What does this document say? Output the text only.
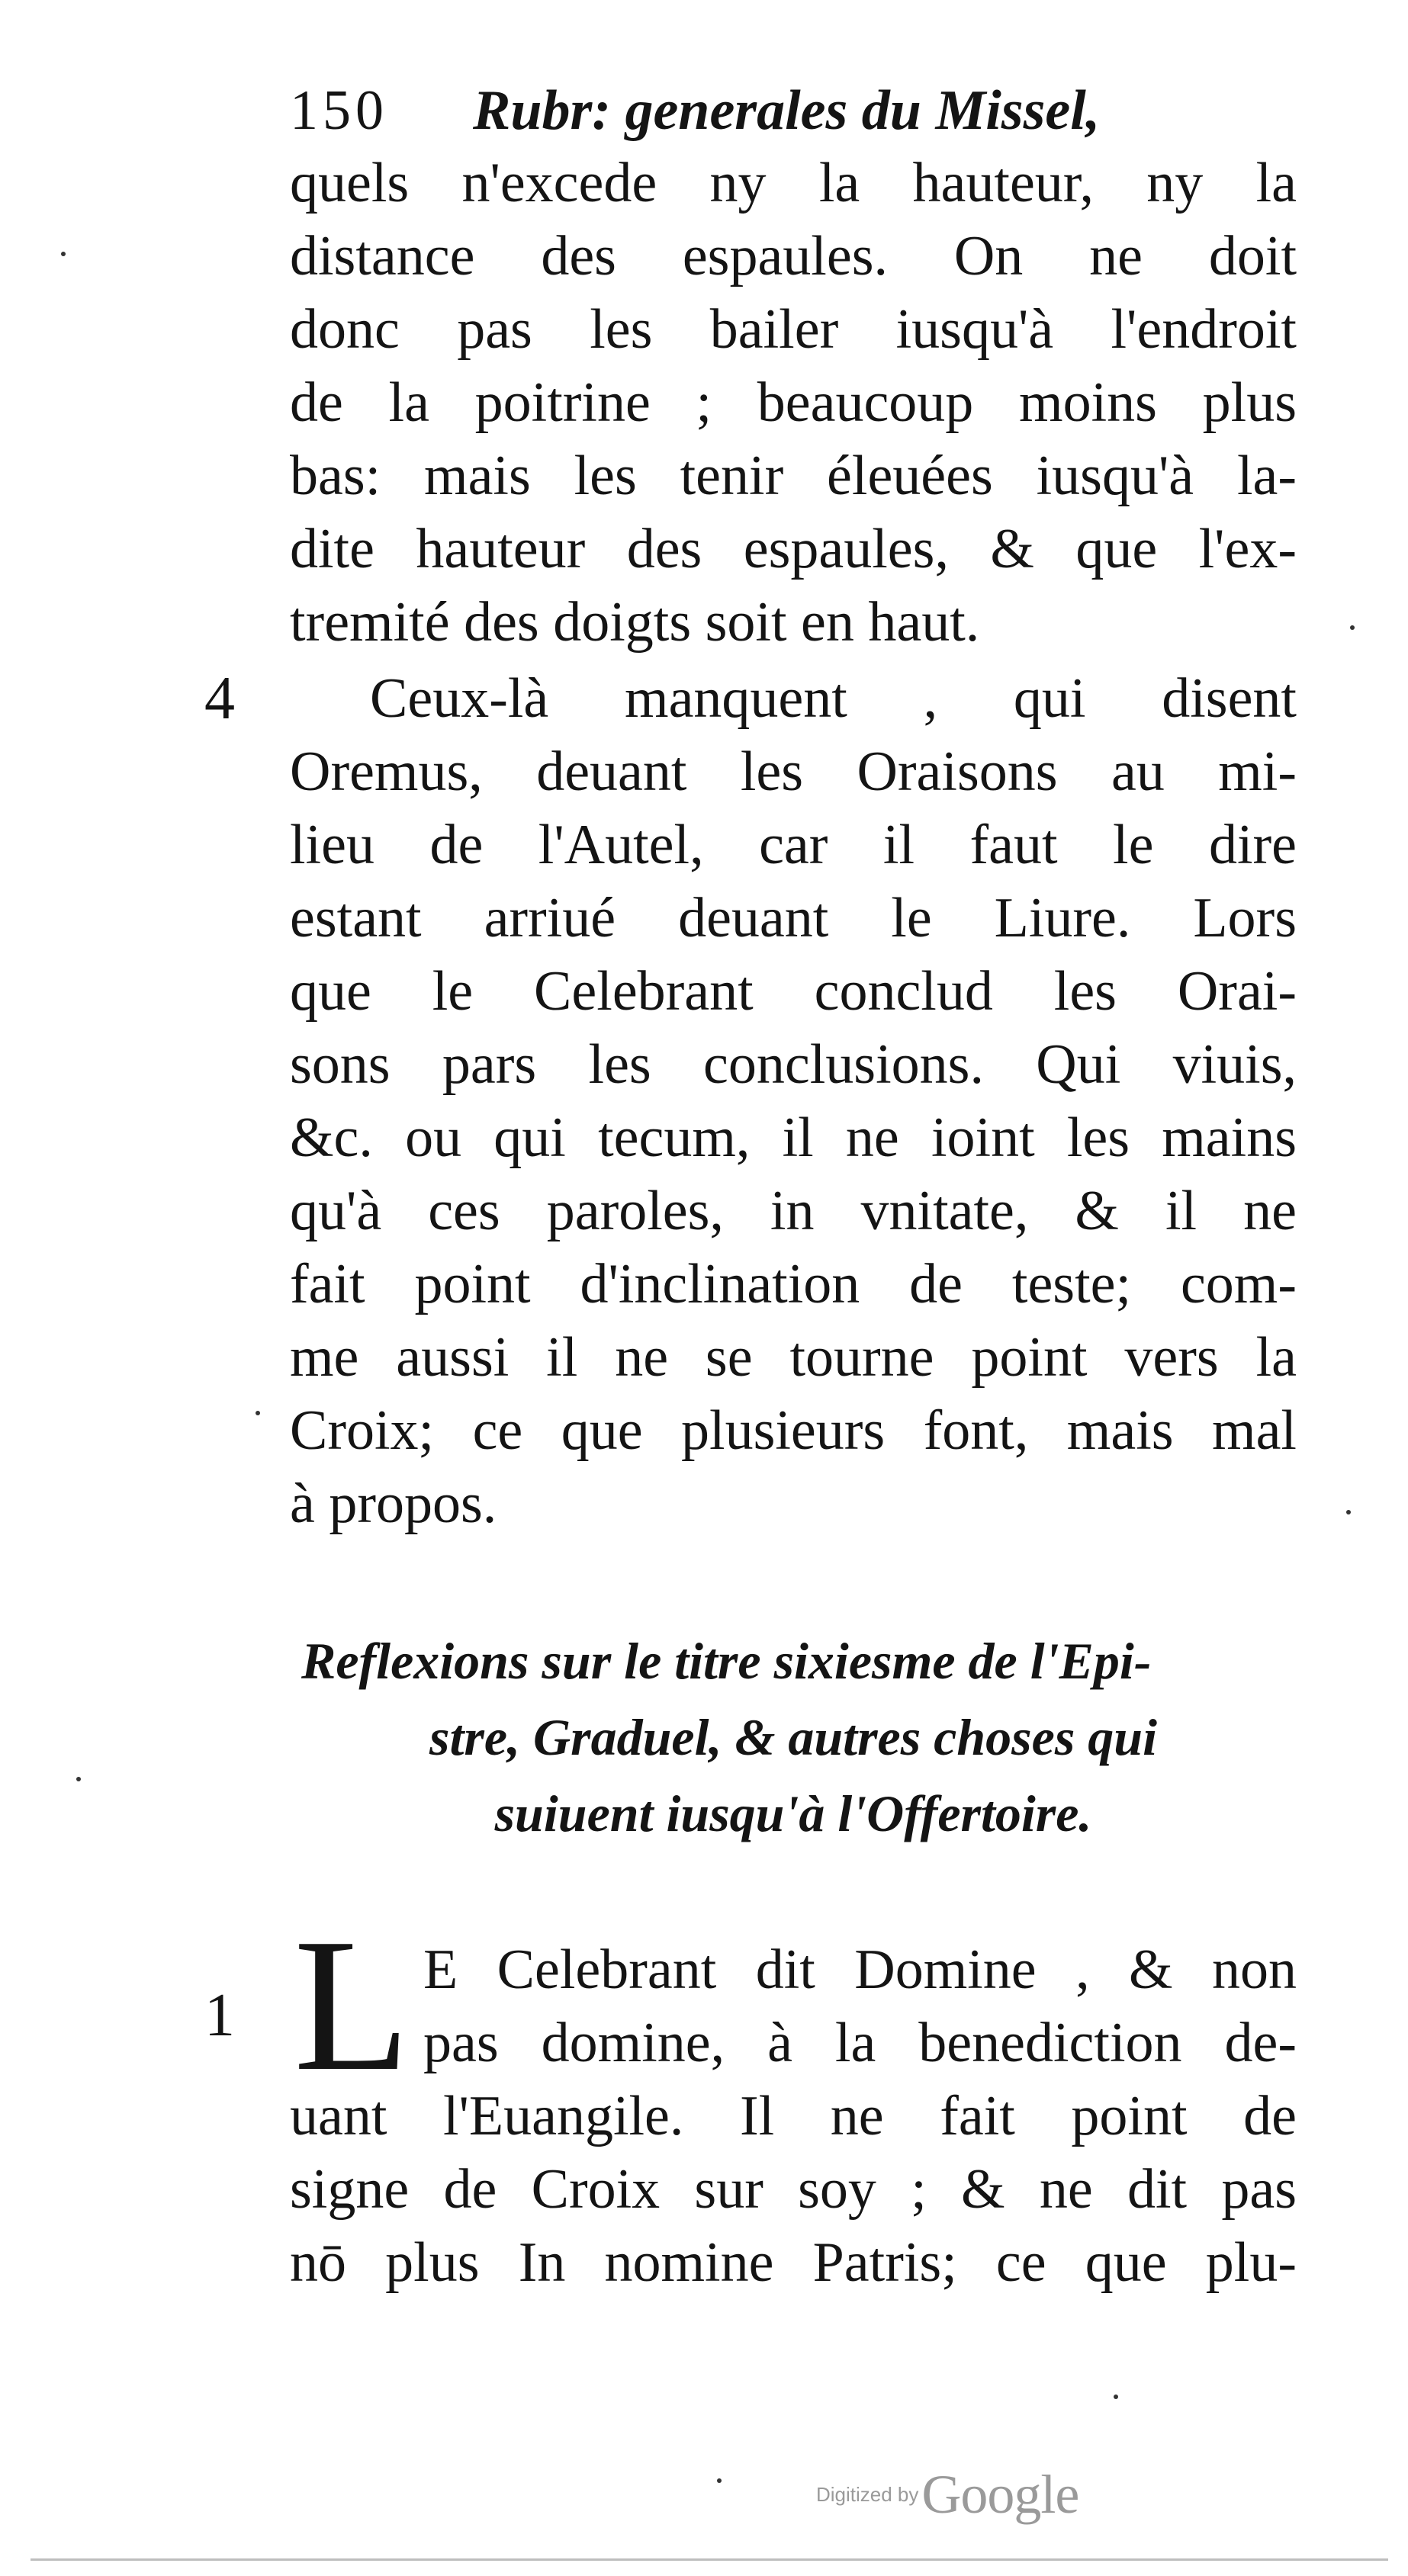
150 Rubr: generales du Missel,
quels n'excede ny la hauteur, ny la
distance des espaules. On ne doit
donc pas les bailer iusqu'à l'endroit
de la poitrine ; beaucoup moins plus
bas: mais les tenir éleuées iusqu'à la-
dite hauteur des espaules, & que l'ex-
tremité des doigts soit en haut.
4 Ceux-là manquent , qui disent
Oremus, deuant les Oraisons au mi-
lieu de l'Autel, car il faut le dire
estant arriué deuant le Liure. Lors
que le Celebrant conclud les Orai-
sons pars les conclusions. Qui viuis,
&c. ou qui tecum, il ne ioint les mains
qu'à ces paroles, in vnitate, & il ne
fait point d'inclination de teste; com-
me aussi il ne se tourne point vers la
Croix; ce que plusieurs font, mais mal
à propos.
Reflexions sur le titre sixiesme de l'Epi-
stre, Graduel, & autres choses qui
suiuent iusqu'à l'Offertoire.
1 L E Celebrant dit Domine , & non
pas domine, à la benediction de-
uant l'Euangile. Il ne fait point de
signe de Croix sur soy ; & ne dit pas
nō plus In nomine Patris; ce que plu-
Digitized by Google
